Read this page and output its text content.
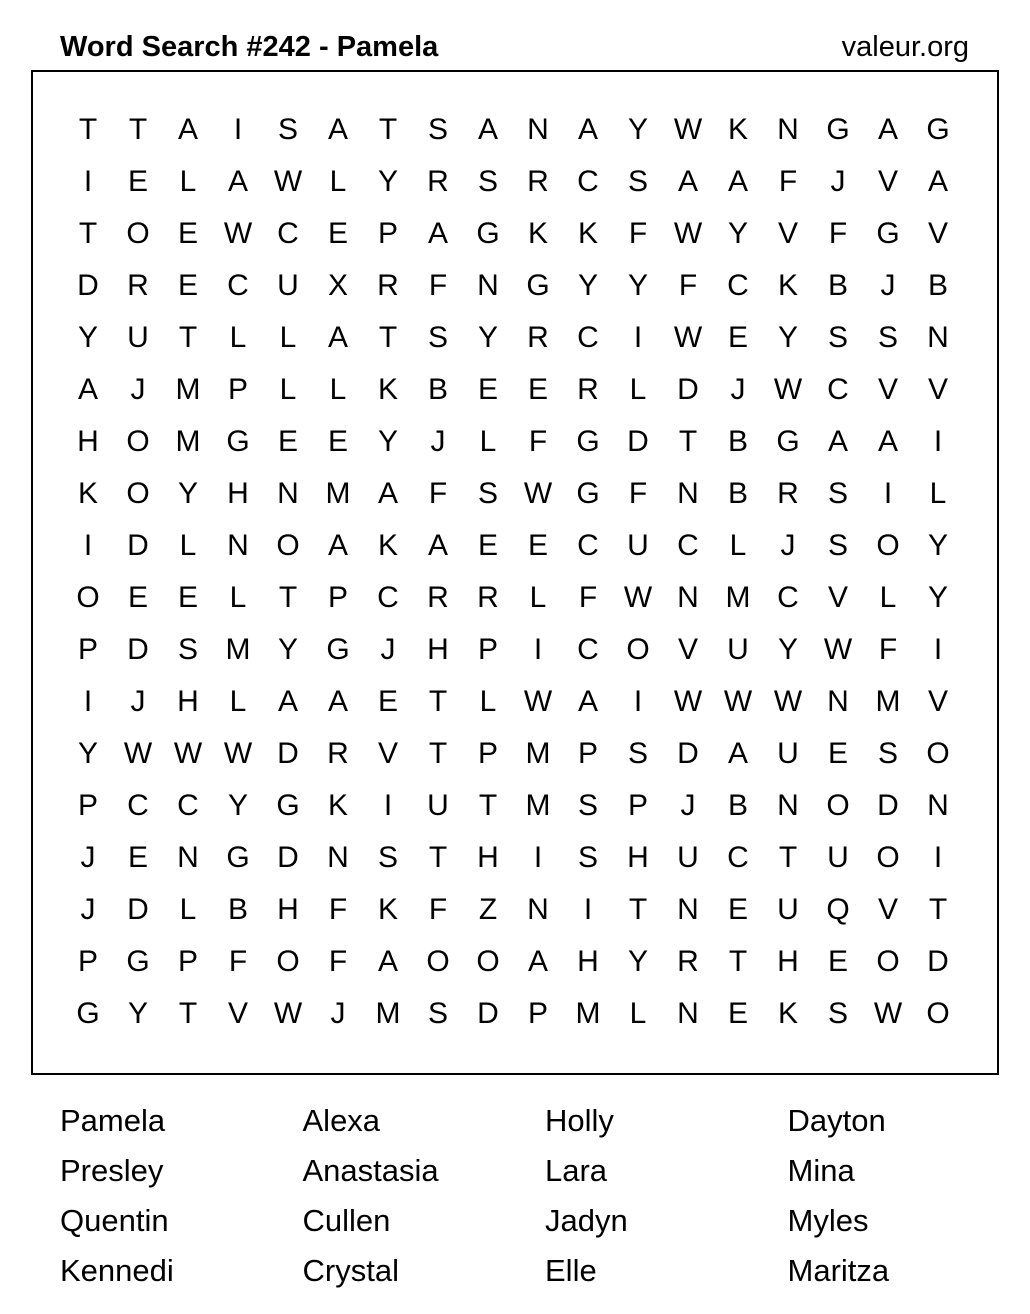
Word Search #242 - Pamela	valeur.org
T	T	A	I	S A	T	S A N A Y W K N G A G
I	E	L	A W L	Y R S R C S A A	F	J	V A
T O E W C E P A G K K	F W Y V	F G V
D R E C U X R	F	N G Y Y	F	C K B	J	B
Y U	T	L	L	A	T	S Y R C	I	W E Y S S N
A	J	M P	L	L	K B E E R	L	D	J W C V V
H O M G E E Y	J	L	F G D	T	B G A A	I
K O Y H N M A	F	S W G F	N B R S	I	L
I	D	L	N O A K A E E C U C	L	J	S O Y
O E E	L	T	P C R R	L	F W N M C V	L	Y
P D S M Y G	J	H P	I	C O V U Y W F	I
I	J	H	L	A A E	T	L W A	I	W W W N M V
Y W W W D R V	T	P M P S D A U E S O
P C C Y G K	I	U	T M S P	J	B N O D N
J	E N G D N S	T	H	I	S H U C	T	U O	I
J	D	L	B H	F	K	F	Z	N	I	T	N E U Q V	T
P G P	F O F	A O O A H Y R	T	H E O D
G Y	T	V W J	M S D P M L	N E K S W O
Pamela	Alexa	Holly	Dayton
Presley	Anastasia	Lara	Mina
Quentin	Cullen	Jadyn	Myles
Kennedi	Crystal	Elle	Maritza
